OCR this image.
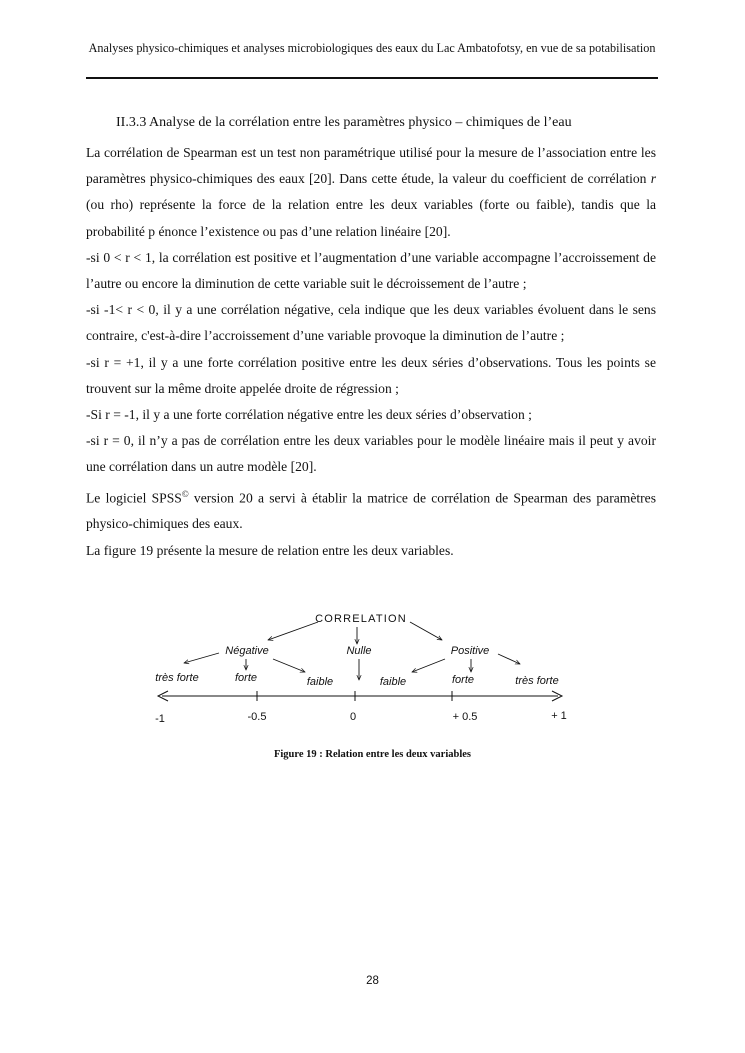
Analyses physico-chimiques et analyses microbiologiques des eaux du Lac Ambatofotsy, en vue de sa potabilisation
II.3.3 Analyse de la corrélation entre les paramètres physico – chimiques de l’eau

La corrélation de Spearman est un test non paramétrique utilisé pour la mesure de l’association entre les paramètres physico-chimiques des eaux [20]. Dans cette étude, la valeur du coefficient de corrélation r (ou rho) représente la force de la relation entre les deux variables (forte ou faible), tandis que la probabilité p énonce l’existence ou pas d’une relation linéaire [20].

-si 0 < r < 1, la corrélation est positive et l’augmentation d’une variable accompagne l’accroissement de l’autre ou encore la diminution de cette variable suit le décroissement de l’autre ;

-si -1< r < 0, il y a une corrélation négative, cela indique que les deux variables évoluent dans le sens contraire, c'est-à-dire l’accroissement d’une variable provoque la diminution de l’autre ;

-si r = +1, il y a une forte corrélation positive entre les deux séries d’observations. Tous les points se trouvent sur la même droite appelée droite de régression ;

-Si r = -1, il y a une forte corrélation négative entre les deux séries d’observation ;

-si r = 0, il n’y a pas de corrélation entre les deux variables pour le modèle linéaire mais il peut y avoir une corrélation dans un autre modèle [20].

Le logiciel SPSS© version 20 a servi à établir la matrice de corrélation de Spearman des paramètres physico-chimiques des eaux.

La figure 19 présente la mesure de relation entre les deux variables.

CORRELATION
Négative	Nulle	Positive
très forte	forte	faible	faible	forte	très forte
-1	-0.5	0	+ 0.5	+ 1
Figure 19 : Relation entre les deux variables
28
